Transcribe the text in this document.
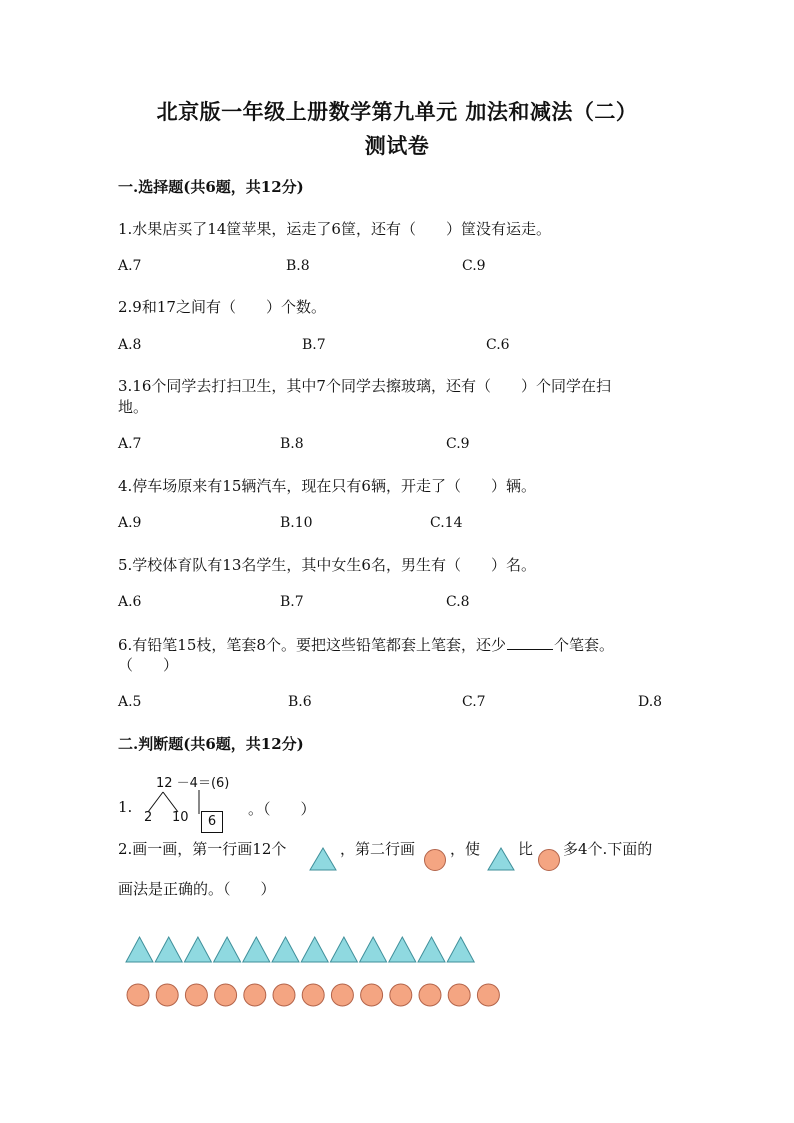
北京版一年级上册数学第九单元 加法和减法（二）
测试卷
一.选择题(共6题，共12分)
1.水果店买了14筐苹果，运走了6筐，还有（　　）筐没有运走。
A.7	B.8	C.9
2.9和17之间有（　　）个数。
A.8	B.7	C.6
3.16个同学去打扫卫生，其中7个同学去擦玻璃，还有（　　）个同学在扫
地。
A.7	B.8	C.9
4.停车场原来有15辆汽车，现在只有6辆，开走了（　　）辆。
A.9	B.10	C.14
5.学校体育队有13名学生，其中女生6名，男生有（　　）名。
A.6	B.7	C.8
6.有铅笔15枝，笔套8个。要把这些铅笔都套上笔套，还少	个笔套。
（　　）
A.5	B.6	C.7	D.8
二.判断题(共6题，共12分)
1.
12 －4＝(6)
2 10	6
。（　　）
2.画一画，第一行画12个	，第二行画 ，使	比 多4个.下面的
画法是正确的。（　　）
